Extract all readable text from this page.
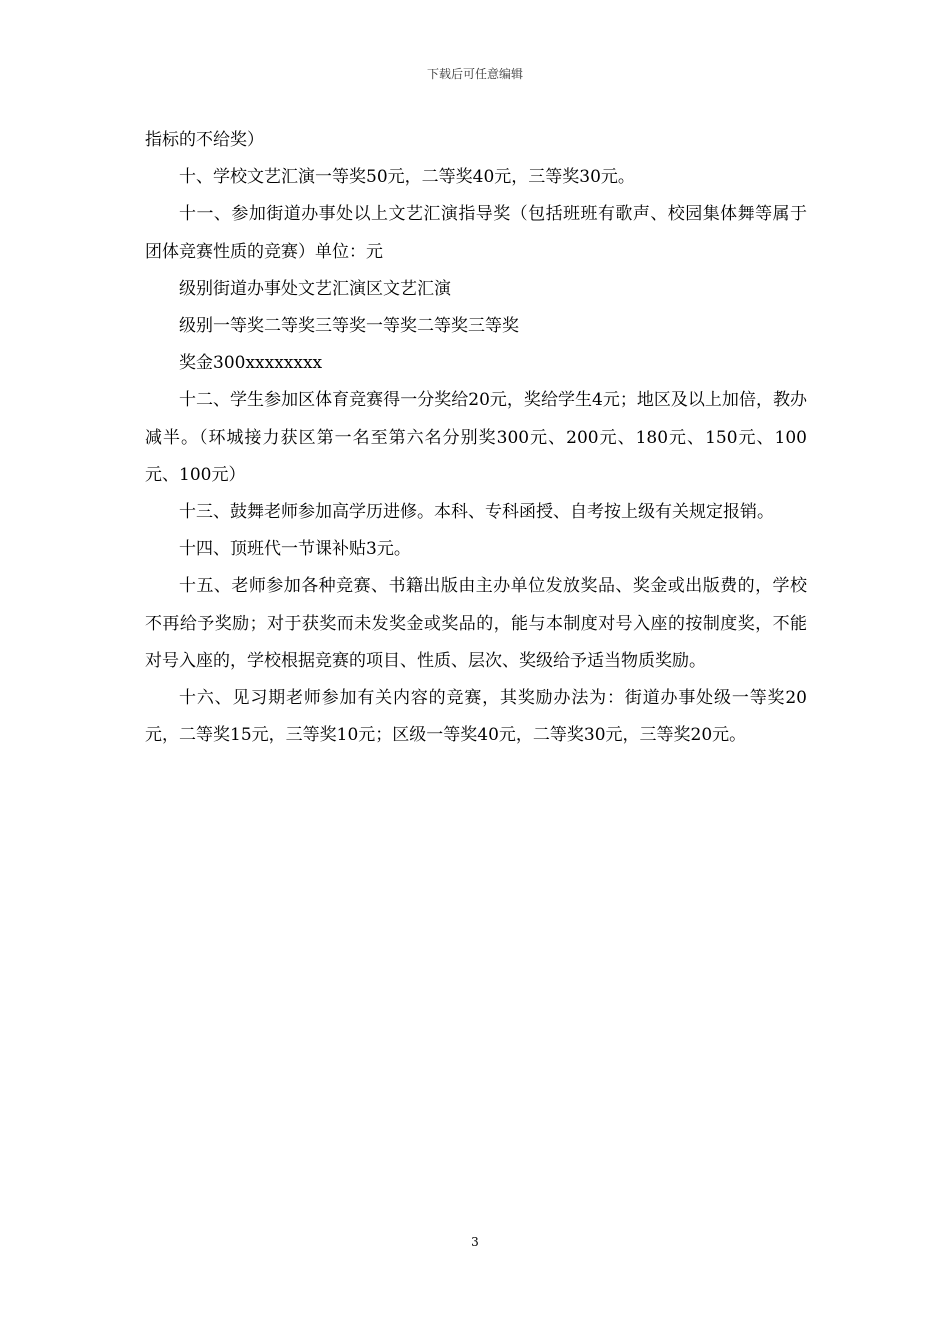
下载后可任意编辑

指标的不给奖）

十、学校文艺汇演一等奖50元，二等奖40元，三等奖30元。

十一、参加街道办事处以上文艺汇演指导奖（包括班班有歌声、校园集体舞等属于团体竞赛性质的竞赛）单位：元

级别街道办事处文艺汇演区文艺汇演

级别一等奖二等奖三等奖一等奖二等奖三等奖

奖金300xxxxxxxx

十二、学生参加区体育竞赛得一分奖给20元，奖给学生4元；地区及以上加倍，教办减半。（环城接力获区第一名至第六名分别奖300元、200元、180元、150元、100元、100元）

十三、鼓舞老师参加高学历进修。本科、专科函授、自考按上级有关规定报销。

十四、顶班代一节课补贴3元。

十五、老师参加各种竞赛、书籍出版由主办单位发放奖品、奖金或出版费的，学校不再给予奖励；对于获奖而未发奖金或奖品的，能与本制度对号入座的按制度奖，不能对号入座的，学校根据竞赛的项目、性质、层次、奖级给予适当物质奖励。

十六、见习期老师参加有关内容的竞赛，其奖励办法为：街道办事处级一等奖20元，二等奖15元，三等奖10元；区级一等奖40元，二等奖30元，三等奖20元。

3
